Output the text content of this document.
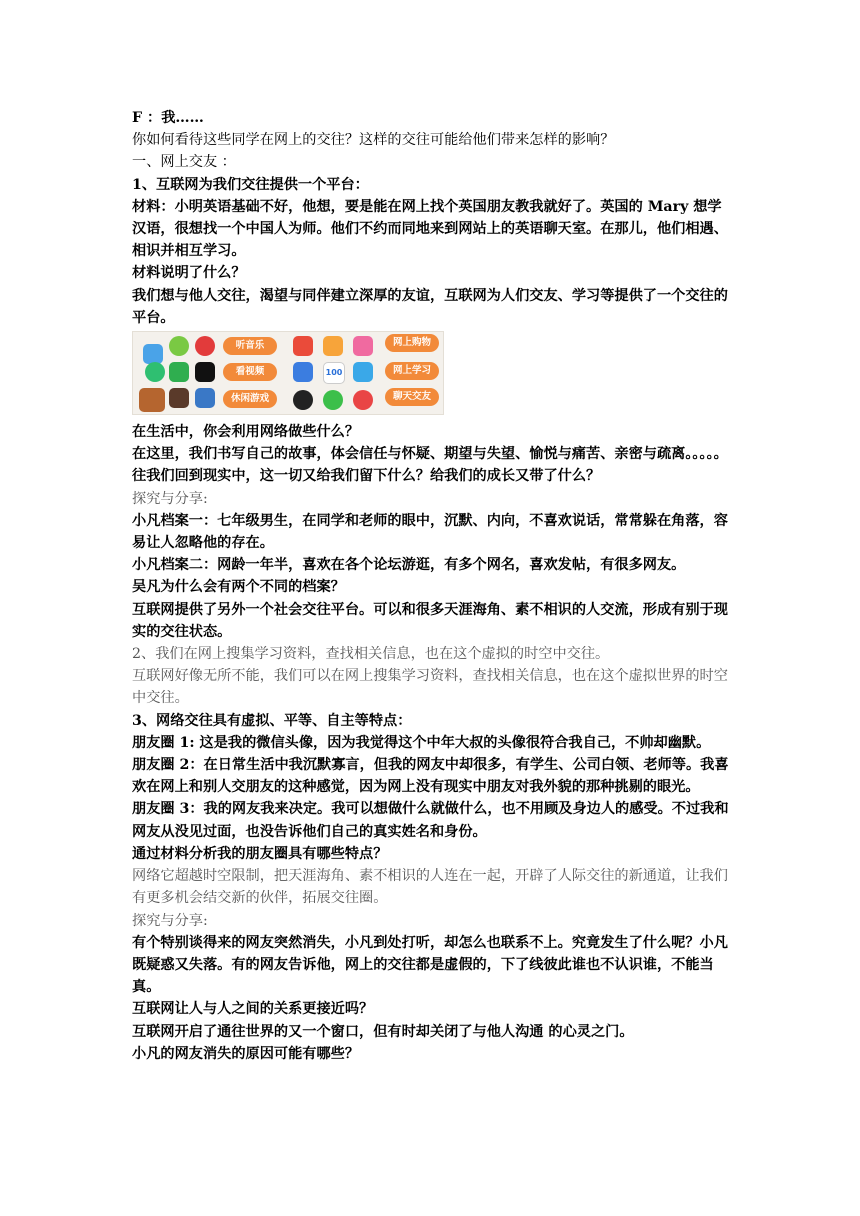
F ：我……

你如何看待这些同学在网上的交往？这样的交往可能给他们带来怎样的影响？

一、网上交友 ：

1、互联网为我们交往提供一个平台：

材料：小明英语基础不好，他想，要是能在网上找个英国朋友教我就好了。英国的 Mary 想学汉语，很想找一个中国人为师。他们不约而同地来到网站上的英语聊天室。在那儿，他们相遇、相识并相互学习。

材料说明了什么？

我们想与他人交往，渴望与同伴建立深厚的友谊，互联网为人们交友、学习等提供了一个交往的平台。

听音乐	网上购物
看视频	100	网上学习
休闲游戏	聊天交友

在生活中，你会利用网络做些什么？

在这里，我们书写自己的故事，体会信任与怀疑、期望与失望、愉悦与痛苦、亲密与疏离。。。。。往我们回到现实中，这一切又给我们留下什么？给我们的成长又带了什么？

探究与分享:

小凡档案一：七年级男生，在同学和老师的眼中，沉默、内向，不喜欢说话，常常躲在角落，容易让人忽略他的存在。

小凡档案二：网龄一年半，喜欢在各个论坛游逛，有多个网名，喜欢发帖，有很多网友。

吴凡为什么会有两个不同的档案？

互联网提供了另外一个社会交往平台。可以和很多天涯海角、素不相识的人交流，形成有别于现实的交往状态。

2、我们在网上搜集学习资料，查找相关信息，也在这个虚拟的时空中交往。

互联网好像无所不能，我们可以在网上搜集学习资料，查找相关信息，也在这个虚拟世界的时空中交往。

3、网络交往具有虚拟、平等、自主等特点：

朋友圈 1: 这是我的微信头像，因为我觉得这个中年大叔的头像很符合我自己，不帅却幽默。

朋友圈 2：在日常生活中我沉默寡言，但我的网友中却很多，有学生、公司白领、老师等。我喜欢在网上和别人交朋友的这种感觉，因为网上没有现实中朋友对我外貌的那种挑剔的眼光。

朋友圈 3：我的网友我来决定。我可以想做什么就做什么，也不用顾及身边人的感受。不过我和网友从没见过面，也没告诉他们自己的真实姓名和身份。

通过材料分析我的朋友圈具有哪些特点？

网络它超越时空限制，把天涯海角、素不相识的人连在一起，开辟了人际交往的新通道，让我们有更多机会结交新的伙伴，拓展交往圈。

探究与分享:

有个特别谈得来的网友突然消失，小凡到处打听，却怎么也联系不上。究竟发生了什么呢？小凡既疑惑又失落。有的网友告诉他，网上的交往都是虚假的，下了线彼此谁也不认识谁，不能当真。

互联网让人与人之间的关系更接近吗？

互联网开启了通往世界的又一个窗口，但有时却关闭了与他人沟通 的心灵之门。

小凡的网友消失的原因可能有哪些？
